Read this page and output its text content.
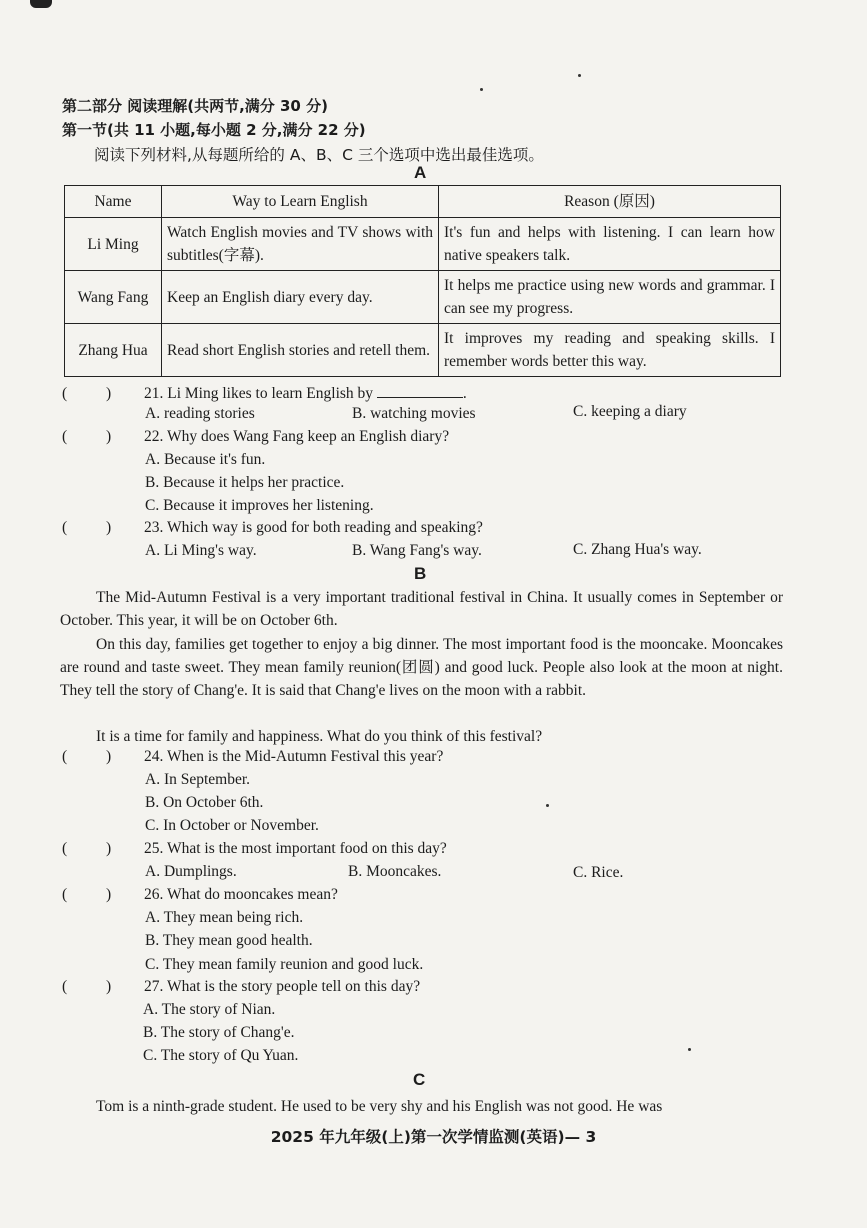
第二部分 阅读理解(共两节,满分 30 分)
第一节(共 11 小题,每小题 2 分,满分 22 分)
阅读下列材料,从每题所给的 A、B、C 三个选项中选出最佳选项。
A
Name	Way to Learn English	Reason (原因)
Li Ming	Watch English movies and TV shows with subtitles(字幕).	It's fun and helps with listening. I can learn how native speakers talk.
Wang Fang	Keep an English diary every day.	It helps me practice using new words and grammar. I can see my progress.
Zhang Hua	Read short English stories and retell them.	It improves my reading and speaking skills. I remember words better this way.
(	) 21. Li Ming likes to learn English by	.
A. reading stories	B. watching movies	C. keeping a diary
(	) 22. Why does Wang Fang keep an English diary?
A. Because it's fun.
B. Because it helps her practice.
C. Because it improves her listening.
(	) 23. Which way is good for both reading and speaking?
A. Li Ming's way.	B. Wang Fang's way.	C. Zhang Hua's way.
B
The Mid-Autumn Festival is a very important traditional festival in China. It usually comes in September or October. This year, it will be on October 6th.
On this day, families get together to enjoy a big dinner. The most important food is the mooncake. Mooncakes are round and taste sweet. They mean family reunion(团圆) and good luck. People also look at the moon at night. They tell the story of Chang'e. It is said that Chang'e lives on the moon with a rabbit.
It is a time for family and happiness. What do you think of this festival?
(	) 24. When is the Mid-Autumn Festival this year?
A. In September.
B. On October 6th.
C. In October or November.
(	) 25. What is the most important food on this day?
A. Dumplings.	B. Mooncakes.	C. Rice.
(	) 26. What do mooncakes mean?
A. They mean being rich.
B. They mean good health.
C. They mean family reunion and good luck.
(	) 27. What is the story people tell on this day?
A. The story of Nian.
B. The story of Chang'e.
C. The story of Qu Yuan.
C
Tom is a ninth-grade student. He used to be very shy and his English was not good. He was
2025 年九年级(上)第一次学情监测(英语)— 3
